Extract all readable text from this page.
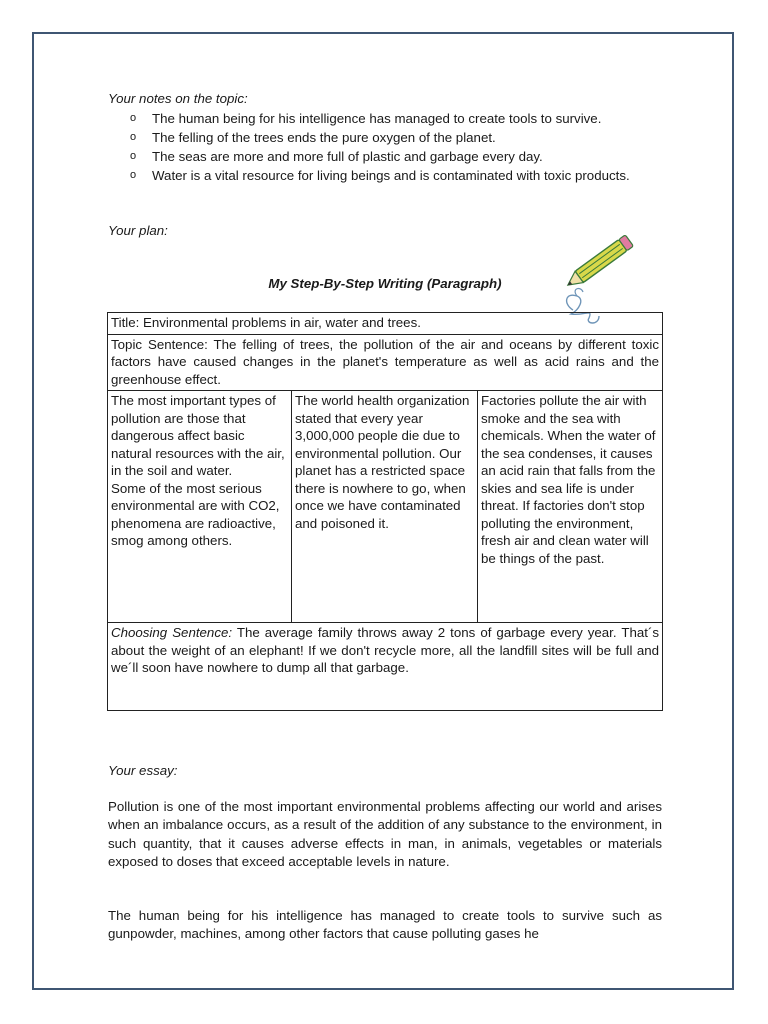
Your notes on the topic:
o The human being for his intelligence has managed to create tools to survive.
o The felling of the trees ends the pure oxygen of the planet.
o The seas are more and more full of plastic and garbage every day.
o Water is a vital resource for living beings and is contaminated with toxic products.
Your plan:
My Step-By-Step Writing (Paragraph)
Title: Environmental problems in air, water and trees.
Topic Sentence: The felling of trees, the pollution of the air and oceans by different toxic factors have caused changes in the planet's temperature as well as acid rains and the greenhouse effect.
The most important types of pollution are those that dangerous affect basic natural resources with the air, in the soil and water.
Some of the most serious environmental are with CO2, phenomena are radioactive, smog among others.	The world health organization stated that every year 3,000,000 people die due to environmental pollution. Our planet has a restricted space there is nowhere to go, when once we have contaminated and poisoned it.	Factories pollute the air with smoke and the sea with chemicals. When the water of the sea condenses, it causes an acid rain that falls from the skies and sea life is under threat. If factories don't stop polluting the environment, fresh air and clean water will be things of the past.
Choosing Sentence: The average family throws away 2 tons of garbage every year. That´s about the weight of an elephant! If we don't recycle more, all the landfill sites will be full and we´ll soon have nowhere to dump all that garbage.
Your essay:

Pollution is one of the most important environmental problems affecting our world and arises when an imbalance occurs, as a result of the addition of any substance to the environment, in such quantity, that it causes adverse effects in man, in animals, vegetables or materials exposed to doses that exceed acceptable levels in nature.

The human being for his intelligence has managed to create tools to survive such as gunpowder, machines, among other factors that cause polluting gases he
